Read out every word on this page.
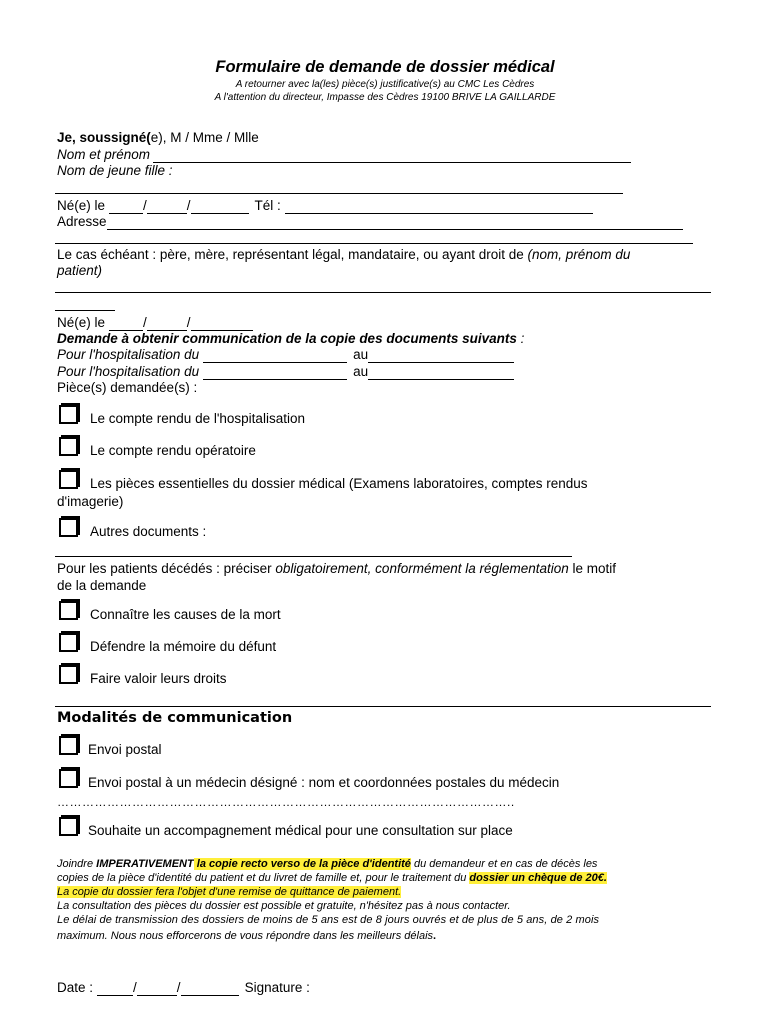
Formulaire de demande de dossier médical
A retourner avec la(les) pièce(s) justificative(s) au CMC Les Cèdres
A l'attention du directeur, Impasse des Cèdres 19100 BRIVE LA GAILLARDE
Je, soussigné(e), M / Mme / Mlle
Nom et prénom
Nom de jeune fille :
Né(e) le	/	/	Tél :
Adresse
Le cas échéant : père, mère, représentant légal, mandataire, ou ayant droit de (nom, prénom du
patient)
Né(e) le	/	/
Demande à obtenir communication de la copie des documents suivants :
Pour l'hospitalisation du	au
Pour l'hospitalisation du	au
Pièce(s) demandée(s) :
Le compte rendu de l'hospitalisation
Le compte rendu opératoire
Les pièces essentielles du dossier médical (Examens laboratoires, comptes rendus
d'imagerie)
Autres documents :
Pour les patients décédés : préciser obligatoirement, conformément la réglementation le motif
de la demande
Connaître les causes de la mort
Défendre la mémoire du défunt
Faire valoir leurs droits
Modalités de communication
Envoi postal
Envoi postal à un médecin désigné : nom et coordonnées postales du médecin
………………………………………………………………………………………………..
Souhaite un accompagnement médical pour une consultation sur place
Joindre IMPERATIVEMENT la copie recto verso de la pièce d'identité du demandeur et en cas de décès les
copies de la pièce d'identité du patient et du livret de famille et, pour le traitement du dossier un chèque de 20€.
La copie du dossier fera l'objet d'une remise de quittance de paiement.
La consultation des pièces du dossier est possible et gratuite, n'hésitez pas à nous contacter.
Le délai de transmission des dossiers de moins de 5 ans est de 8 jours ouvrés et de plus de 5 ans, de 2 mois
maximum. Nous nous efforcerons de vous répondre dans les meilleurs délais.
Date :	/	/	Signature :
